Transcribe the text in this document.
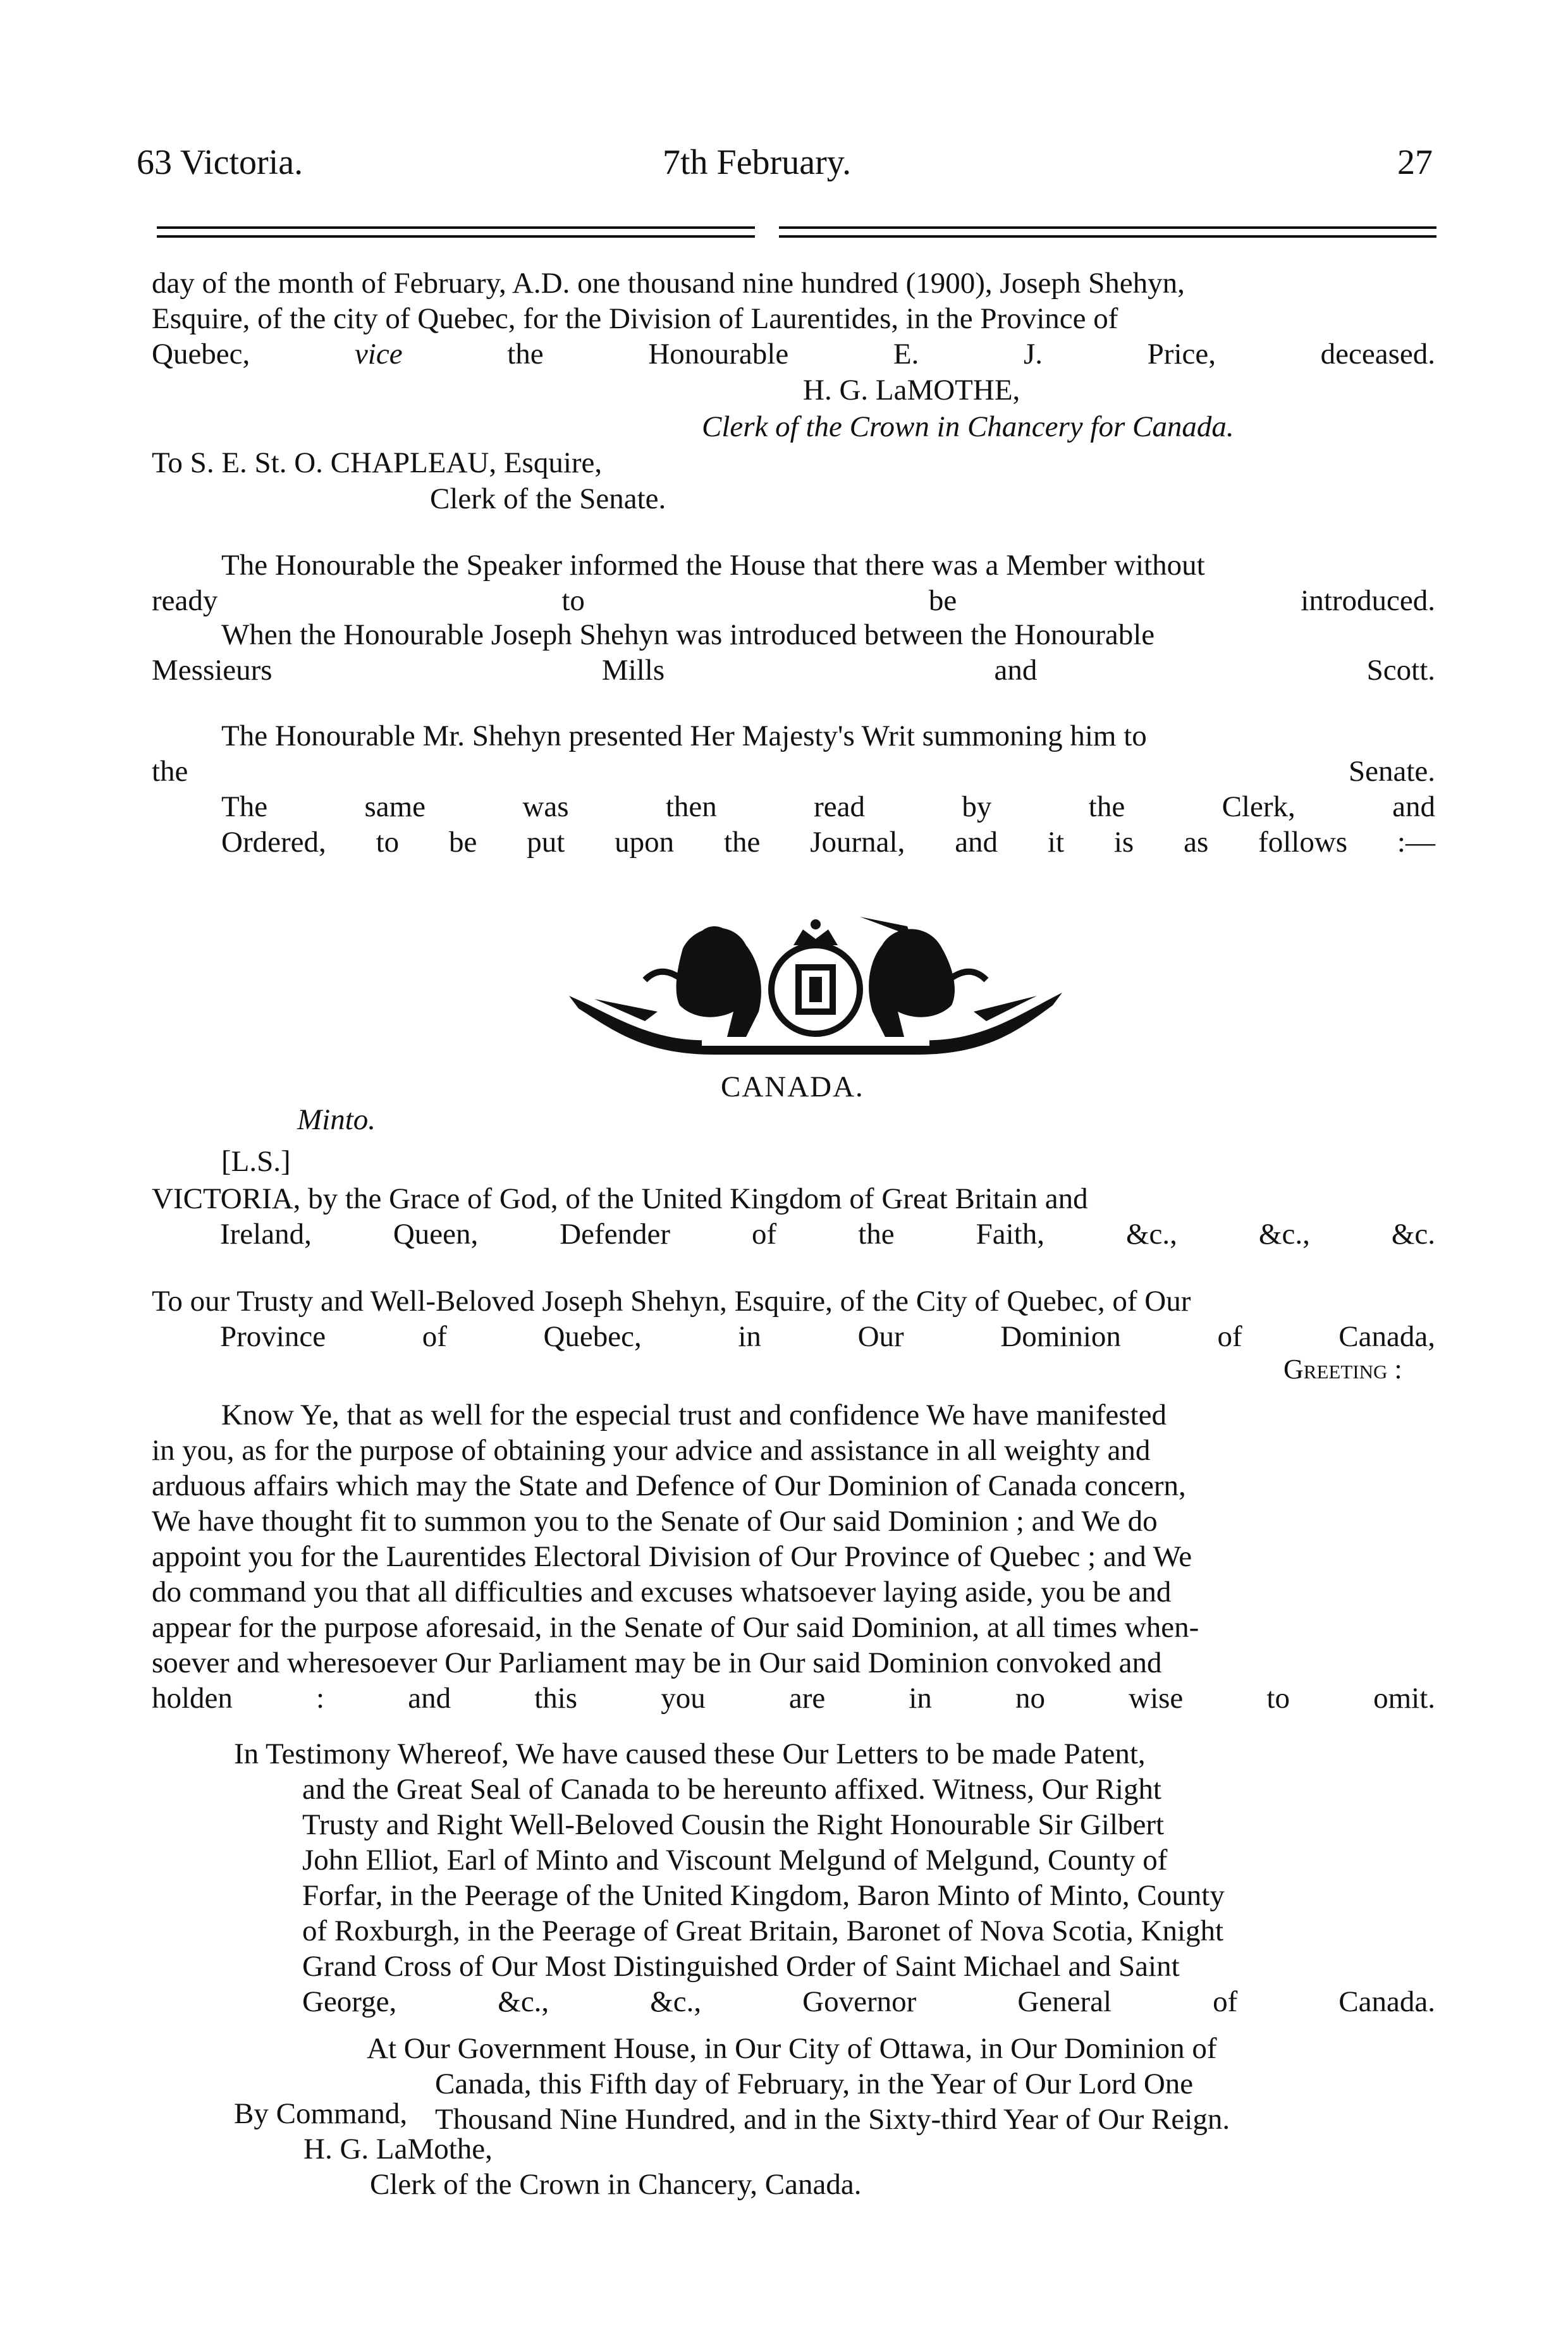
63 Victoria.	7th February.	27
day of the month of February, A.D. one thousand nine hundred (1900), Joseph Shehyn,
Esquire, of the city of Quebec, for the Division of Laurentides, in the Province of
Quebec, vice the Honourable E. J. Price, deceased.
H. G. LaMOTHE,
Clerk of the Crown in Chancery for Canada.
To S. E. St. O. CHAPLEAU, Esquire,
Clerk of the Senate.
The Honourable the Speaker informed the House that there was a Member without
ready to be introduced.
When the Honourable Joseph Shehyn was introduced between the Honourable
Messieurs Mills and Scott.
The Honourable Mr. Shehyn presented Her Majesty's Writ summoning him to
the Senate.
The same was then read by the Clerk, and
Ordered, to be put upon the Journal, and it is as follows :—
CANADA.
Minto.
[L.S.]
VICTORIA, by the Grace of God, of the United Kingdom of Great Britain and
Ireland, Queen, Defender of the Faith, &c., &c., &c.
To our Trusty and Well-Beloved Joseph Shehyn, Esquire, of the City of Quebec, of Our
Province of Quebec, in Our Dominion of Canada,
Greeting :
Know Ye, that as well for the especial trust and confidence We have manifested
in you, as for the purpose of obtaining your advice and assistance in all weighty and
arduous affairs which may the State and Defence of Our Dominion of Canada concern,
We have thought fit to summon you to the Senate of Our said Dominion ; and We do
appoint you for the Laurentides Electoral Division of Our Province of Quebec ; and We
do command you that all difficulties and excuses whatsoever laying aside, you be and
appear for the purpose aforesaid, in the Senate of Our said Dominion, at all times when-
soever and wheresoever Our Parliament may be in Our said Dominion convoked and
holden : and this you are in no wise to omit.
In Testimony Whereof, We have caused these Our Letters to be made Patent,
and the Great Seal of Canada to be hereunto affixed. Witness, Our Right
Trusty and Right Well-Beloved Cousin the Right Honourable Sir Gilbert
John Elliot, Earl of Minto and Viscount Melgund of Melgund, County of
Forfar, in the Peerage of the United Kingdom, Baron Minto of Minto, County
of Roxburgh, in the Peerage of Great Britain, Baronet of Nova Scotia, Knight
Grand Cross of Our Most Distinguished Order of Saint Michael and Saint
George, &c., &c., Governor General of Canada.
At Our Government House, in Our City of Ottawa, in Our Dominion of
Canada, this Fifth day of February, in the Year of Our Lord One
Thousand Nine Hundred, and in the Sixty-third Year of Our Reign.
By Command,
H. G. LaMothe,
Clerk of the Crown in Chancery, Canada.
